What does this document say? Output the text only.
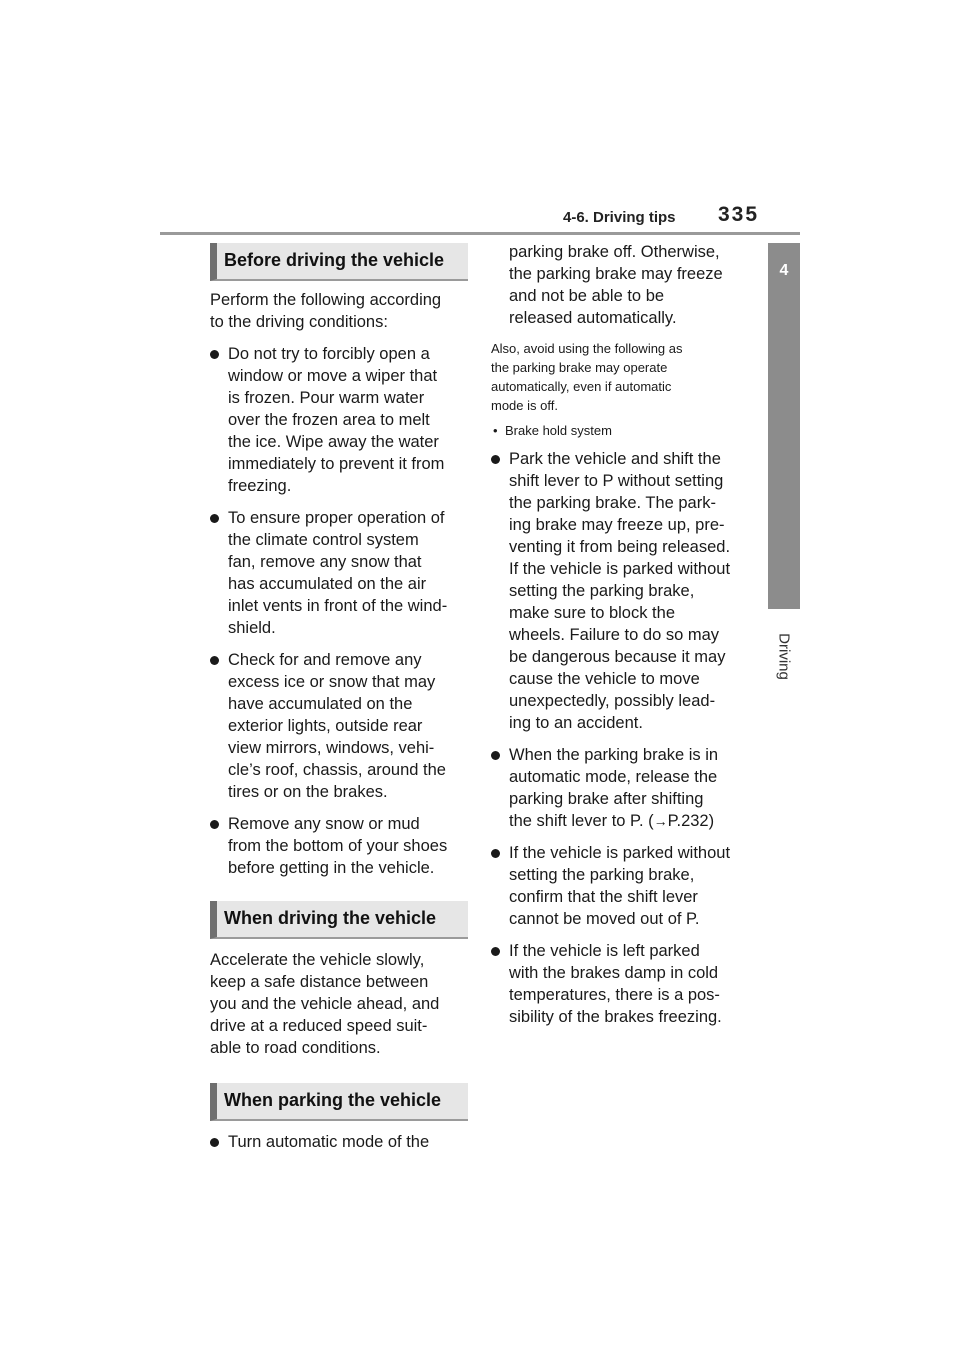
4-6. Driving tips 335
4
Driving
Before driving the vehicle

Perform the following according
to the driving conditions:

Do not try to forcibly open a
window or move a wiper that
is frozen. Pour warm water
over the frozen area to melt
the ice. Wipe away the water
immediately to prevent it from
freezing.
To ensure proper operation of
the climate control system
fan, remove any snow that
has accumulated on the air
inlet vents in front of the wind-
shield.
Check for and remove any
excess ice or snow that may
have accumulated on the
exterior lights, outside rear
view mirrors, windows, vehi-
cle’s roof, chassis, around the
tires or on the brakes.
Remove any snow or mud
from the bottom of your shoes
before getting in the vehicle.
When driving the vehicle

Accelerate the vehicle slowly,
keep a safe distance between
you and the vehicle ahead, and
drive at a reduced speed suit-
able to road conditions.

When parking the vehicle
Turn automatic mode of the
parking brake off. Otherwise,
the parking brake may freeze
and not be able to be
released automatically.

Also, avoid using the following as
the parking brake may operate
automatically, even if automatic
mode is off.

• Brake hold system
Park the vehicle and shift the
shift lever to P without setting
the parking brake. The park-
ing brake may freeze up, pre-
venting it from being released.
If the vehicle is parked without
setting the parking brake,
make sure to block the
wheels. Failure to do so may
be dangerous because it may
cause the vehicle to move
unexpectedly, possibly lead-
ing to an accident.
When the parking brake is in
automatic mode, release the
parking brake after shifting
the shift lever to P. (→P.232)
If the vehicle is parked without
setting the parking brake,
confirm that the shift lever
cannot be moved out of P.
If the vehicle is left parked
with the brakes damp in cold
temperatures, there is a pos-
sibility of the brakes freezing.
